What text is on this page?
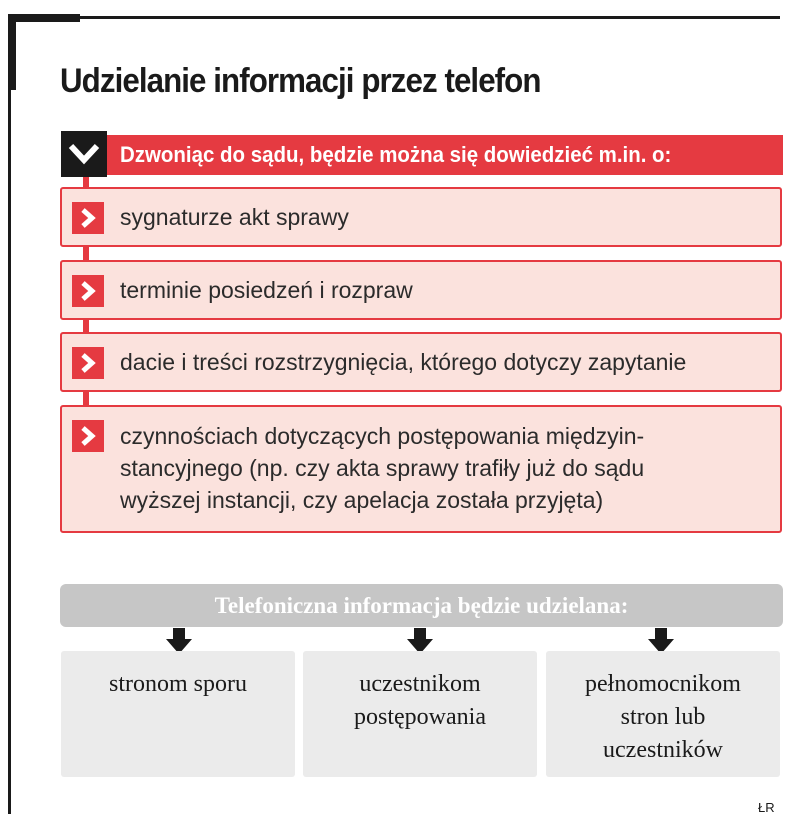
Udzielanie informacji przez telefon
Dzwoniąc do sądu, będzie można się dowiedzieć m.in. o:
sygnaturze akt sprawy
terminie posiedzeń i rozpraw
dacie i treści rozstrzygnięcia, którego dotyczy zapytanie
czynnościach dotyczących postępowania międzyin-
stancyjnego (np. czy akta sprawy trafiły już do sądu
wyższej instancji, czy apelacja została przyjęta)
Telefoniczna informacja będzie udzielana:
stronom sporu	uczestnikom
postępowania
pełnomocnikom
stron lub
uczestników
ŁR
